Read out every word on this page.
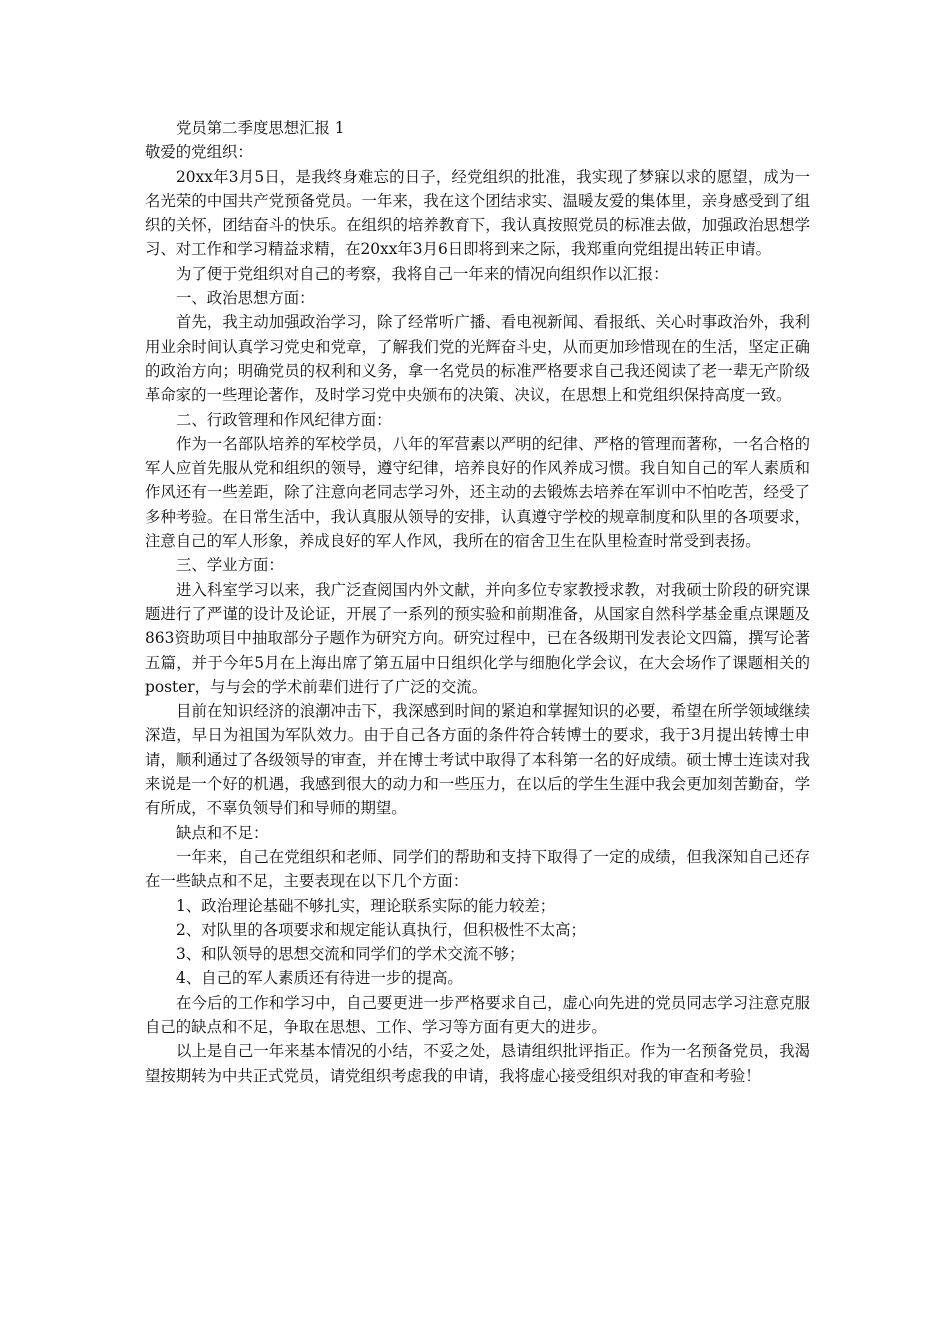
党员第二季度思想汇报 1

敬爱的党组织：

20xx年3月5日，是我终身难忘的日子，经党组织的批准，我实现了梦寐以求的愿望，成为一名光荣的中国共产党预备党员。一年来，我在这个团结求实、温暖友爱的集体里，亲身感受到了组织的关怀，团结奋斗的快乐。在组织的培养教育下，我认真按照党员的标准去做，加强政治思想学习、对工作和学习精益求精，在20xx年3月6日即将到来之际，我郑重向党组提出转正申请。

为了便于党组织对自己的考察，我将自己一年来的情况向组织作以汇报：

一、政治思想方面：

首先，我主动加强政治学习，除了经常听广播、看电视新闻、看报纸、关心时事政治外，我利用业余时间认真学习党史和党章，了解我们党的光辉奋斗史，从而更加珍惜现在的生活，坚定正确的政治方向；明确党员的权利和义务，拿一名党员的标准严格要求自己我还阅读了老一辈无产阶级革命家的一些理论著作，及时学习党中央颁布的决策、决议，在思想上和党组织保持高度一致。

二、行政管理和作风纪律方面：

作为一名部队培养的军校学员，八年的军营素以严明的纪律、严格的管理而著称，一名合格的军人应首先服从党和组织的领导，遵守纪律，培养良好的作风养成习惯。我自知自己的军人素质和作风还有一些差距，除了注意向老同志学习外，还主动的去锻炼去培养在军训中不怕吃苦，经受了多种考验。在日常生活中，我认真服从领导的安排，认真遵守学校的规章制度和队里的各项要求，注意自己的军人形象，养成良好的军人作风，我所在的宿舍卫生在队里检查时常受到表扬。

三、学业方面：

进入科室学习以来，我广泛查阅国内外文献，并向多位专家教授求教，对我硕士阶段的研究课题进行了严谨的设计及论证，开展了一系列的预实验和前期准备，从国家自然科学基金重点课题及863资助项目中抽取部分子题作为研究方向。研究过程中，已在各级期刊发表论文四篇，撰写论著五篇，并于今年5月在上海出席了第五届中日组织化学与细胞化学会议，在大会场作了课题相关的poster，与与会的学术前辈们进行了广泛的交流。

目前在知识经济的浪潮冲击下，我深感到时间的紧迫和掌握知识的必要，希望在所学领域继续深造，早日为祖国为军队效力。由于自己各方面的条件符合转博士的要求，我于3月提出转博士申请，顺利通过了各级领导的审查，并在博士考试中取得了本科第一名的好成绩。硕士博士连读对我来说是一个好的机遇，我感到很大的动力和一些压力，在以后的学生生涯中我会更加刻苦勤奋，学有所成，不辜负领导们和导师的期望。

缺点和不足：

一年来，自己在党组织和老师、同学们的帮助和支持下取得了一定的成绩，但我深知自己还存在一些缺点和不足，主要表现在以下几个方面：

1、政治理论基础不够扎实，理论联系实际的能力较差；

2、对队里的各项要求和规定能认真执行，但积极性不太高；

3、和队领导的思想交流和同学们的学术交流不够；

4、自己的军人素质还有待进一步的提高。

在今后的工作和学习中，自己要更进一步严格要求自己，虚心向先进的党员同志学习注意克服自己的缺点和不足，争取在思想、工作、学习等方面有更大的进步。

以上是自己一年来基本情况的小结，不妥之处，恳请组织批评指正。作为一名预备党员，我渴望按期转为中共正式党员，请党组织考虑我的申请，我将虚心接受组织对我的审查和考验！
